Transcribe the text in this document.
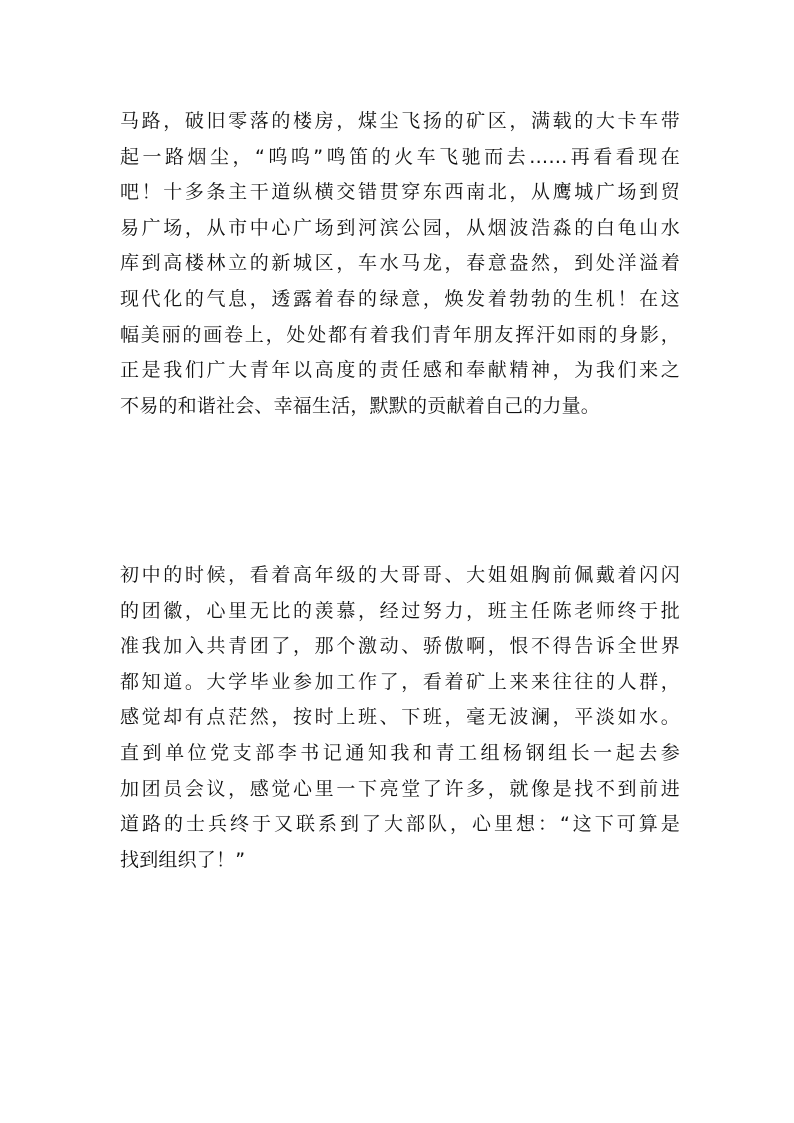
马路，破旧零落的楼房，煤尘飞扬的矿区，满载的大卡车带
起一路烟尘，“呜呜”鸣笛的火车飞驰而去……再看看现在
吧！十多条主干道纵横交错贯穿东西南北，从鹰城广场到贸
易广场，从市中心广场到河滨公园，从烟波浩淼的白龟山水
库到高楼林立的新城区，车水马龙，春意盎然，到处洋溢着
现代化的气息，透露着春的绿意，焕发着勃勃的生机！在这
幅美丽的画卷上，处处都有着我们青年朋友挥汗如雨的身影，
正是我们广大青年以高度的责任感和奉献精神，为我们来之
不易的和谐社会、幸福生活，默默的贡献着自己的力量。
初中的时候，看着高年级的大哥哥、大姐姐胸前佩戴着闪闪
的团徽，心里无比的羡慕，经过努力，班主任陈老师终于批
准我加入共青团了，那个激动、骄傲啊，恨不得告诉全世界
都知道。大学毕业参加工作了，看着矿上来来往往的人群，
感觉却有点茫然，按时上班、下班，毫无波澜，平淡如水。
直到单位党支部李书记通知我和青工组杨钢组长一起去参
加团员会议，感觉心里一下亮堂了许多，就像是找不到前进
道路的士兵终于又联系到了大部队，心里想：“这下可算是
找到组织了！”
